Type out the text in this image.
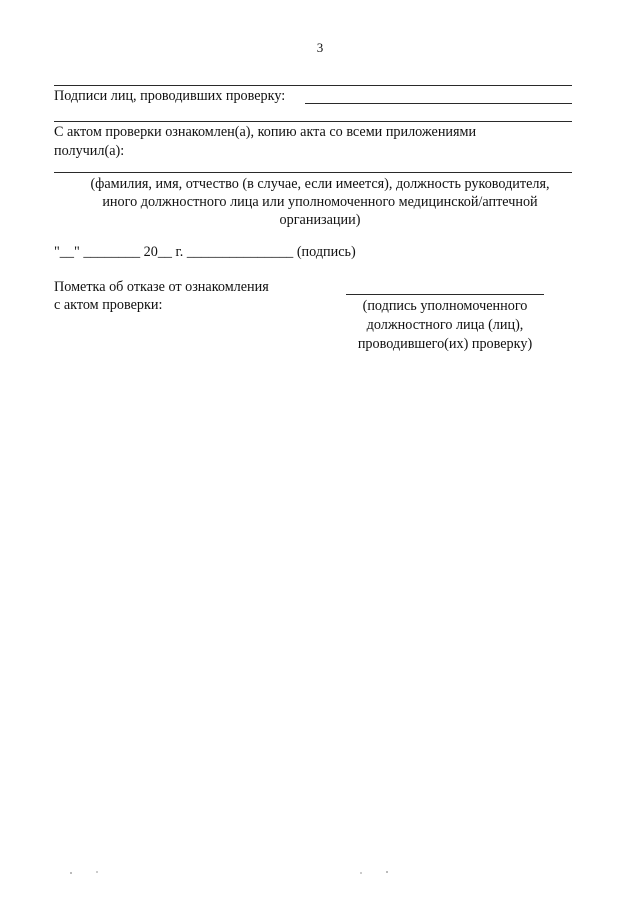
3
Подписи лиц, проводивших проверку:
С актом проверки ознакомлен(а), копию акта со всеми приложениями
получил(а):
(фамилия, имя, отчество (в случае, если имеется), должность руководителя,
иного должностного лица или уполномоченного медицинской/аптечной
организации)
"__" ________ 20__ г. _______________ (подпись)
Пометка об отказе от ознакомления
с актом проверки:	(подпись уполномоченного
должностного лица (лиц),
проводившего(их) проверку)
